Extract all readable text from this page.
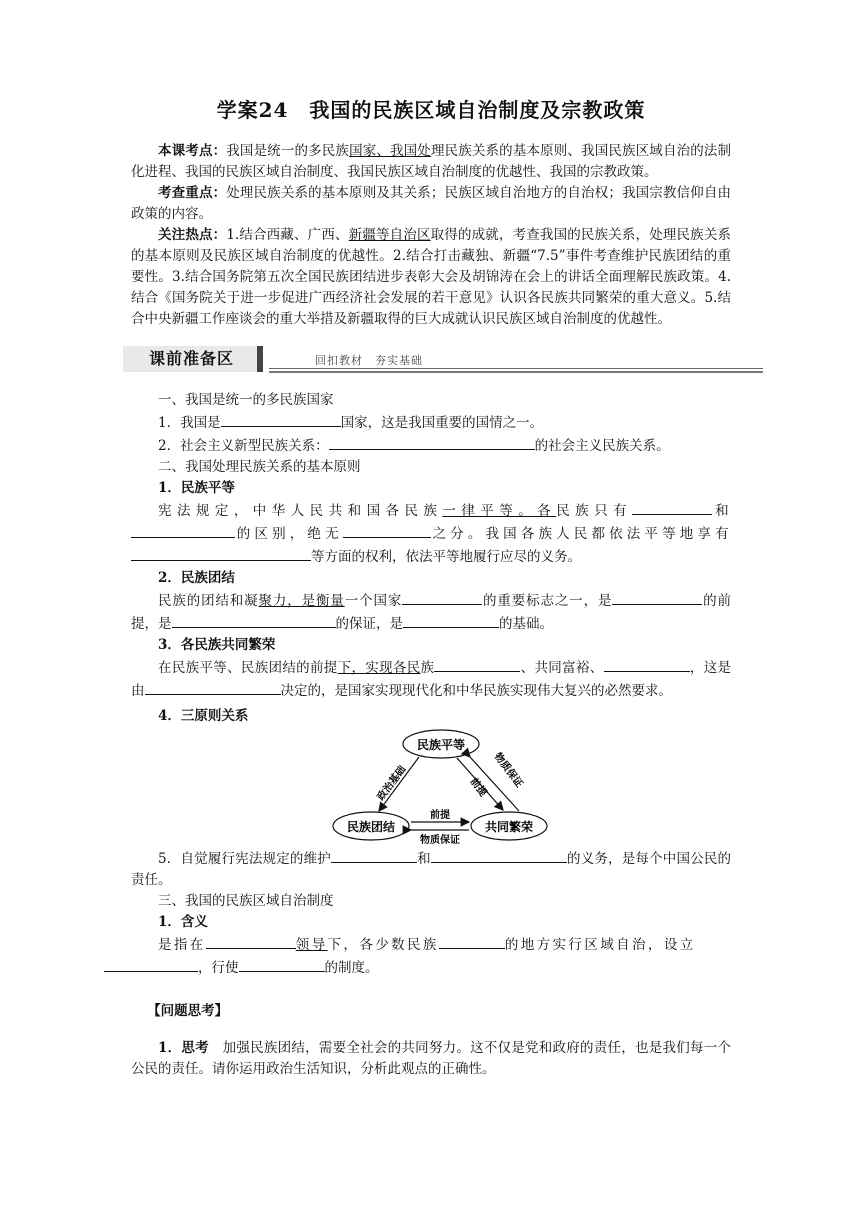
学案24　我国的民族区域自治制度及宗教政策

本课考点：我国是统一的多民族国家、我国处理民族关系的基本原则、我国民族区域自治的法制化进程、我国的民族区域自治制度、我国民族区域自治制度的优越性、我国的宗教政策。

考查重点：处理民族关系的基本原则及其关系；民族区域自治地方的自治权；我国宗教信仰自由政策的内容。

关注热点：1.结合西藏、广西、新疆等自治区取得的成就，考查我国的民族关系，处理民族关系的基本原则及民族区域自治制度的优越性。2.结合打击藏独、新疆“7.5”事件考查维护民族团结的重要性。3.结合国务院第五次全国民族团结进步表彰大会及胡锦涛在会上的讲话全面理解民族政策。4.结合《国务院关于进一步促进广西经济社会发展的若干意见》认识各民族共同繁荣的重大意义。5.结合中央新疆工作座谈会的重大举措及新疆取得的巨大成就认识民族区域自治制度的优越性。

课前准备区	回扣教材　夯实基础

一、我国是统一的多民族国家

1．我国是	国家，这是我国重要的国情之一。

2．社会主义新型民族关系：	的社会主义民族关系。

二、我国处理民族关系的基本原则

1．民族平等

宪法规定，中华人民共和国各民族一律平等。各民族只有	和的区别，绝无	之分。我国各族人民都依法平等地享有等方面的权利，依法平等地履行应尽的义务。

2．民族团结

民族的团结和凝聚力，是衡量一个国家	的重要标志之一，是	的前提，是	的保证，是	的基础。

3．各民族共同繁荣

在民族平等、民族团结的前提下，实现各民族	、共同富裕、	，这是由	决定的，是国家实现现代化和中华民族实现伟大复兴的必然要求。

4．三原则关系

民族平等
民族团结	共同繁荣
政治基础	前提 物质保证
前提
物质保证

5．自觉履行宪法规定的维护	和	的义务，是每个中国公民的责任。

三、我国的民族区域自治制度

1．含义

是指在	领导下，各少数民族	的地方实行区域自治，设立
，行使	的制度。

【问题思考】

1．思考　加强民族团结，需要全社会的共同努力。这不仅是党和政府的责任，也是我们每一个公民的责任。请你运用政治生活知识，分析此观点的正确性。
